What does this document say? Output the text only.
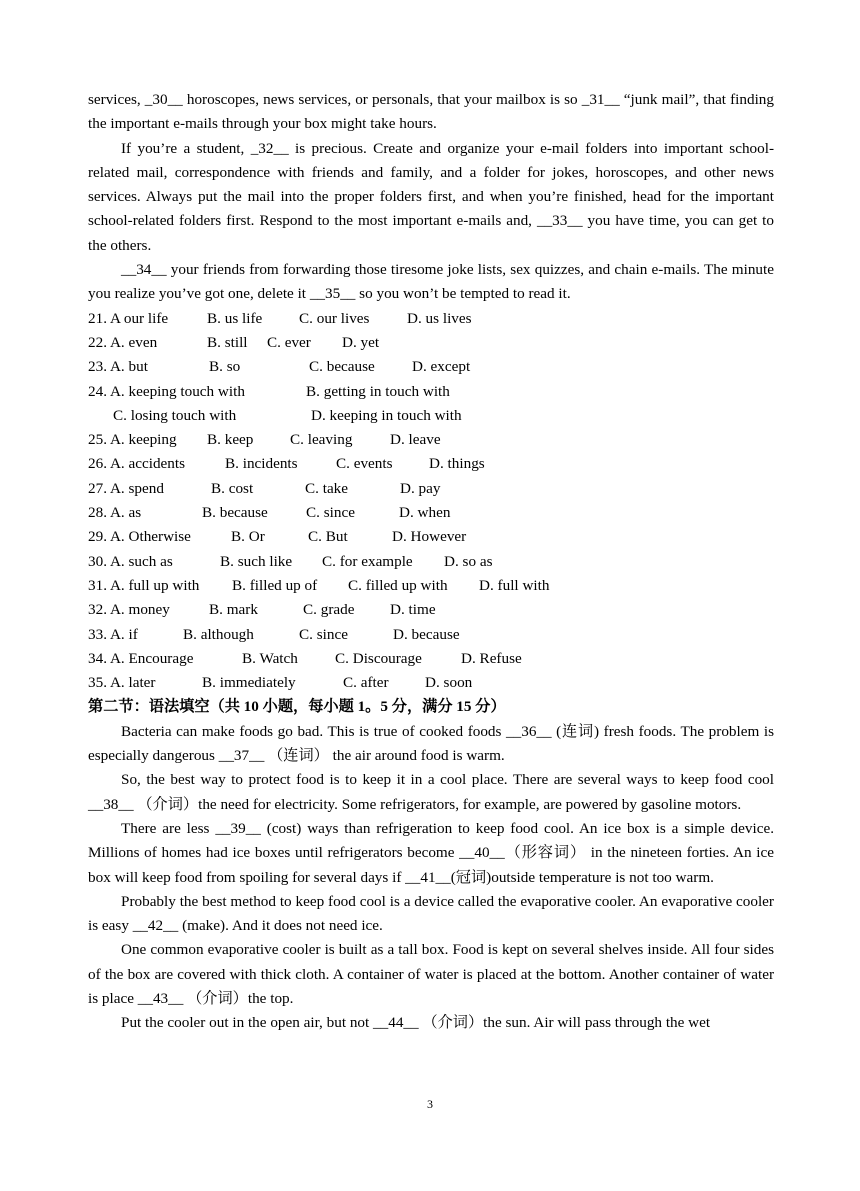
services, _30__ horoscopes, news services, or personals, that your mailbox is so _31__ “junk mail”, that finding the important e-mails through your box might take hours.

If you’re a student, _32__ is precious. Create and organize your e-mail folders into important school-related mail, correspondence with friends and family, and a folder for jokes, horoscopes, and other news services. Always put the mail into the proper folders first, and when you’re finished, head for the important school-related folders first. Respond to the most important e-mails and, __33__ you have time, you can get to the others.

__34__ your friends from forwarding those tiresome joke lists, sex quizzes, and chain e-mails. The minute you realize you’ve got one, delete it __35__ so you won’t be tempted to read it.

21. A our life	B. us life C. our lives D. us lives
22. A. even	B. still C. ever D. yet
23. A. but	B. so	C. because D. except
24. A. keeping touch with	B. getting in touch with
C. losing touch with	D. keeping in touch with
25. A. keeping B. keep C. leaving D. leave
26. A. accidents	B. incidents	C. events D. things
27. A. spend	B. cost	C. take	D. pay
28. A. as	B. because	C. since	D. when
29. A. Otherwise	B. Or	C. But	D. However
30. A. such as	B. such like C. for example D. so as
31. A. full up with B. filled up of C. filled up with D. full with
32. A. money	B. mark	C. grade D. time
33. A. if	B. although	C. since	D. because
34. A. Encourage	B. Watch C. Discourage	D. Refuse
35. A. later	B. immediately	C. after D. soon
第二节：语法填空（共 10 小题，每小题 1。5 分，满分 15 分）

Bacteria can make foods go bad. This is true of cooked foods __36__ (连词) fresh foods. The problem is especially dangerous __37__ （连词） the air around food is warm.

So, the best way to protect food is to keep it in a cool place. There are several ways to keep food cool __38__ （介词）the need for electricity. Some refrigerators, for example, are powered by gasoline motors.

There are less __39__ (cost) ways than refrigeration to keep food cool. An ice box is a simple device. Millions of homes had ice boxes until refrigerators become __40__（形容词） in the nineteen forties. An ice box will keep food from spoiling for several days if __41__(冠词)outside temperature is not too warm.

Probably the best method to keep food cool is a device called the evaporative cooler. An evaporative cooler is easy __42__ (make). And it does not need ice.

One common evaporative cooler is built as a tall box. Food is kept on several shelves inside. All four sides of the box are covered with thick cloth. A container of water is placed at the bottom. Another container of water is place __43__ （介词）the top.

Put the cooler out in the open air, but not __44__ （介词）the sun. Air will pass through the wet

3
